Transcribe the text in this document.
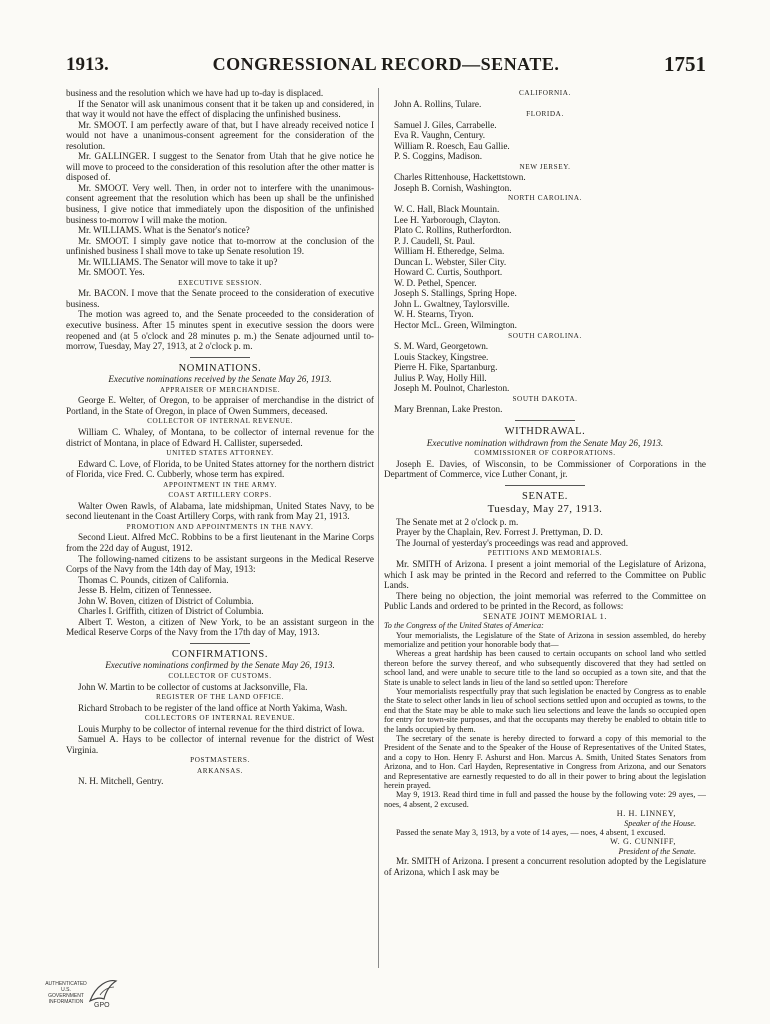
1913.	CONGRESSIONAL RECORD—SENATE.	1751

business and the resolution which we have had up to-day is displaced.

If the Senator will ask unanimous consent that it be taken up and considered, in that way it would not have the effect of displacing the unfinished business.

Mr. SMOOT. I am perfectly aware of that, but I have already received notice I would not have a unanimous-consent agreement for the consideration of the resolution.

Mr. GALLINGER. I suggest to the Senator from Utah that he give notice he will move to proceed to the consideration of this resolution after the other matter is disposed of.

Mr. SMOOT. Very well. Then, in order not to interfere with the unanimous-consent agreement that the resolution which has been up shall be the unfinished business, I give notice that immediately upon the disposition of the unfinished business to-morrow I will make the motion.

Mr. WILLIAMS. What is the Senator's notice?

Mr. SMOOT. I simply gave notice that to-morrow at the conclusion of the unfinished business I shall move to take up Senate resolution 19.

Mr. WILLIAMS. The Senator will move to take it up?

Mr. SMOOT. Yes.

EXECUTIVE SESSION.

Mr. BACON. I move that the Senate proceed to the consideration of executive business.

The motion was agreed to, and the Senate proceeded to the consideration of executive business. After 15 minutes spent in executive session the doors were reopened and (at 5 o'clock and 28 minutes p. m.) the Senate adjourned until to-morrow, Tuesday, May 27, 1913, at 2 o'clock p. m.

NOMINATIONS.

Executive nominations received by the Senate May 26, 1913.

APPRAISER OF MERCHANDISE.

George E. Welter, of Oregon, to be appraiser of merchandise in the district of Portland, in the State of Oregon, in place of Owen Summers, deceased.

COLLECTOR OF INTERNAL REVENUE.

William C. Whaley, of Montana, to be collector of internal revenue for the district of Montana, in place of Edward H. Callister, superseded.

UNITED STATES ATTORNEY.

Edward C. Love, of Florida, to be United States attorney for the northern district of Florida, vice Fred. C. Cubberly, whose term has expired.

APPOINTMENT IN THE ARMY.

COAST ARTILLERY CORPS.

Walter Owen Rawls, of Alabama, late midshipman, United States Navy, to be second lieutenant in the Coast Artillery Corps, with rank from May 21, 1913.

PROMOTION AND APPOINTMENTS IN THE NAVY.

Second Lieut. Alfred McC. Robbins to be a first lieutenant in the Marine Corps from the 22d day of August, 1912.

The following-named citizens to be assistant surgeons in the Medical Reserve Corps of the Navy from the 14th day of May, 1913:

Thomas C. Pounds, citizen of California.

Jesse B. Helm, citizen of Tennessee.

John W. Boven, citizen of District of Columbia.

Charles I. Griffith, citizen of District of Columbia.

Albert T. Weston, a citizen of New York, to be an assistant surgeon in the Medical Reserve Corps of the Navy from the 17th day of May, 1913.

CONFIRMATIONS.

Executive nominations confirmed by the Senate May 26, 1913.

COLLECTOR OF CUSTOMS.

John W. Martin to be collector of customs at Jacksonville, Fla.

REGISTER OF THE LAND OFFICE.

Richard Strobach to be register of the land office at North Yakima, Wash.

COLLECTORS OF INTERNAL REVENUE.

Louis Murphy to be collector of internal revenue for the third district of Iowa.

Samuel A. Hays to be collector of internal revenue for the district of West Virginia.

POSTMASTERS.

ARKANSAS.

N. H. Mitchell, Gentry.

CALIFORNIA.

John A. Rollins, Tulare.

FLORIDA.

Samuel J. Giles, Carrabelle.

Eva R. Vaughn, Century.

William R. Roesch, Eau Gallie.

P. S. Coggins, Madison.

NEW JERSEY.

Charles Rittenhouse, Hackettstown.

Joseph B. Cornish, Washington.

NORTH CAROLINA.

W. C. Hall, Black Mountain.

Lee H. Yarborough, Clayton.

Plato C. Rollins, Rutherfordton.

P. J. Caudell, St. Paul.

William H. Etheredge, Selma.

Duncan L. Webster, Siler City.

Howard C. Curtis, Southport.

W. D. Pethel, Spencer.

Joseph S. Stallings, Spring Hope.

John L. Gwaltney, Taylorsville.

W. H. Stearns, Tryon.

Hector McL. Green, Wilmington.

SOUTH CAROLINA.

S. M. Ward, Georgetown.

Louis Stackey, Kingstree.

Pierre H. Fike, Spartanburg.

Julius P. Way, Holly Hill.

Joseph M. Poulnot, Charleston.

SOUTH DAKOTA.

Mary Brennan, Lake Preston.

WITHDRAWAL.

Executive nomination withdrawn from the Senate May 26, 1913.

COMMISSIONER OF CORPORATIONS.

Joseph E. Davies, of Wisconsin, to be Commissioner of Corporations in the Department of Commerce, vice Luther Conant, jr.

SENATE.

Tuesday, May 27, 1913.

The Senate met at 2 o'clock p. m.

Prayer by the Chaplain, Rev. Forrest J. Prettyman, D. D.

The Journal of yesterday's proceedings was read and approved.

PETITIONS AND MEMORIALS.

Mr. SMITH of Arizona. I present a joint memorial of the Legislature of Arizona, which I ask may be printed in the Record and referred to the Committee on Public Lands.

There being no objection, the joint memorial was referred to the Committee on Public Lands and ordered to be printed in the Record, as follows:

SENATE JOINT MEMORIAL 1.

To the Congress of the United States of America:

Your memorialists, the Legislature of the State of Arizona in session assembled, do hereby memorialize and petition your honorable body that—

Whereas a great hardship has been caused to certain occupants on school land who settled thereon before the survey thereof, and who subsequently discovered that they had settled on school land, and were unable to secure title to the land so occupied as a town site, and that the State is unable to select lands in lieu of the land so settled upon: Therefore

Your memorialists respectfully pray that such legislation be enacted by Congress as to enable the State to select other lands in lieu of school sections settled upon and occupied as towns, to the end that the State may be able to make such lieu selections and leave the lands so occupied open for entry for town-site purposes, and that the occupants may thereby be enabled to obtain title to the lands occupied by them.

The secretary of the senate is hereby directed to forward a copy of this memorial to the President of the Senate and to the Speaker of the House of Representatives of the United States, and a copy to Hon. Henry F. Ashurst and Hon. Marcus A. Smith, United States Senators from Arizona, and to Hon. Carl Hayden, Representative in Congress from Arizona, and our Senators and Representative are earnestly requested to do all in their power to bring about the legislation herein prayed.

May 9, 1913. Read third time in full and passed the house by the following vote: 29 ayes, — noes, 4 absent, 2 excused.

H. H. LINNEY,

Speaker of the House.

Passed the senate May 3, 1913, by a vote of 14 ayes, — noes, 4 absent, 1 excused.

W. G. CUNNIFF,

President of the Senate.

Mr. SMITH of Arizona. I present a concurrent resolution adopted by the Legislature of Arizona, which I ask may be

AUTHENTICATED U.S. GOVERNMENT INFORMATION	GPO
